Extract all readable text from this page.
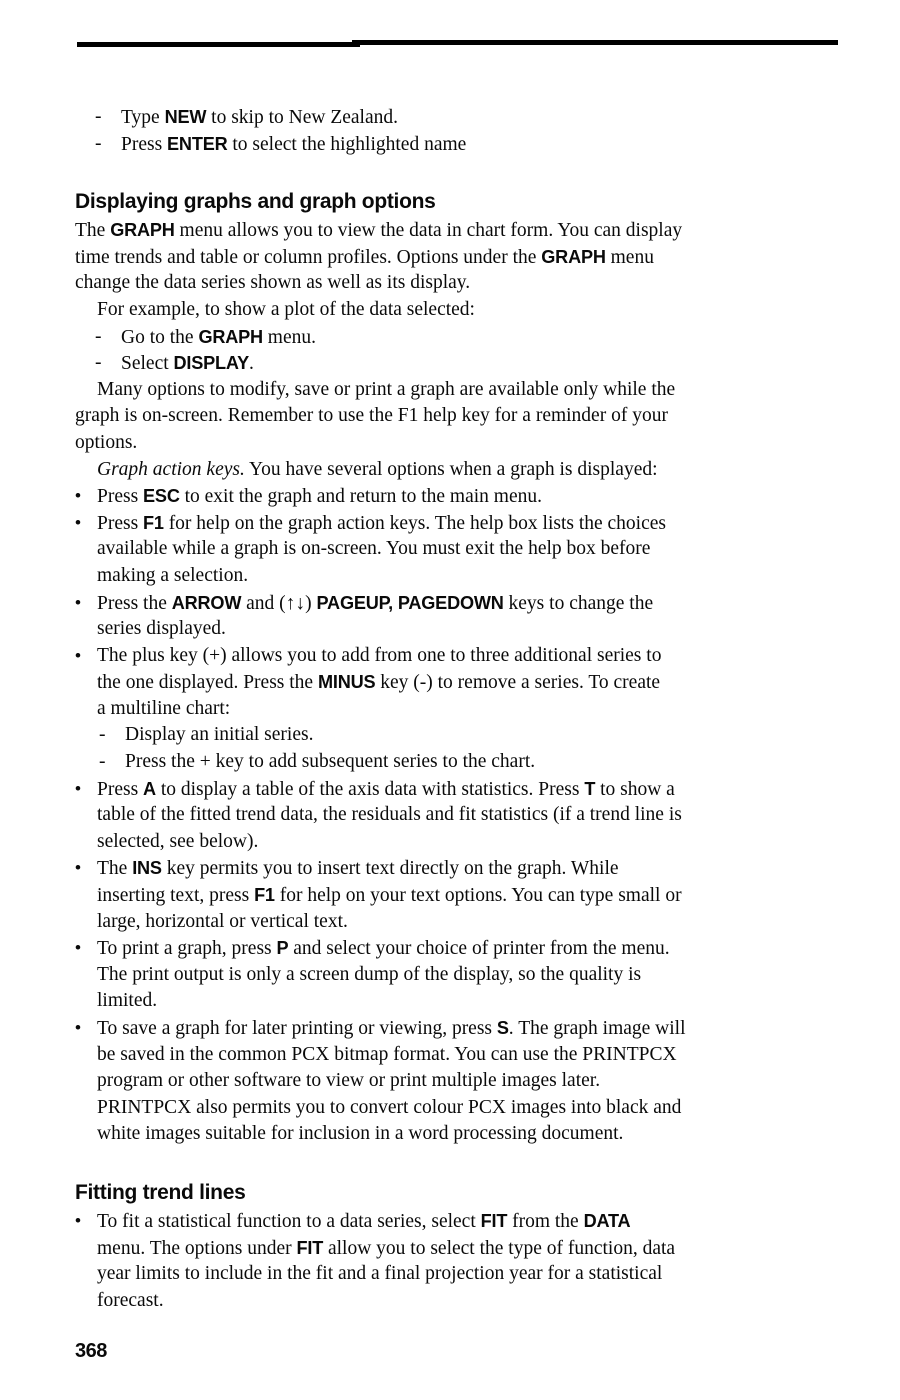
-	Type NEW to skip to New Zealand.
-	Press ENTER to select the highlighted name
Displaying graphs and graph options
The GRAPH menu allows you to view the data in chart form. You can display
time trends and table or column profiles. Options under the GRAPH menu
change the data series shown as well as its display.
For example, to show a plot of the data selected:
-	Go to the GRAPH menu.
-	Select DISPLAY.
Many options to modify, save or print a graph are available only while the
graph is on-screen. Remember to use the F1 help key for a reminder of your
options.
Graph action keys. You have several options when a graph is displayed:
• Press ESC to exit the graph and return to the main menu.
• Press F1 for help on the graph action keys. The help box lists the choices
available while a graph is on-screen. You must exit the help box before
making a selection.
• Press the ARROW and (↑↓) PAGEUP, PAGEDOWN keys to change the
series displayed.
• The plus key (+) allows you to add from one to three additional series to
the one displayed. Press the MINUS key (-) to remove a series. To create
a multiline chart:
-	Display an initial series.
-	Press the + key to add subsequent series to the chart.
• Press A to display a table of the axis data with statistics. Press T to show a
table of the fitted trend data, the residuals and fit statistics (if a trend line is
selected, see below).
• The INS key permits you to insert text directly on the graph. While
inserting text, press F1 for help on your text options. You can type small or
large, horizontal or vertical text.
• To print a graph, press P and select your choice of printer from the menu.
The print output is only a screen dump of the display, so the quality is
limited.
• To save a graph for later printing or viewing, press S. The graph image will
be saved in the common PCX bitmap format. You can use the PRINTPCX
program or other software to view or print multiple images later.
PRINTPCX also permits you to convert colour PCX images into black and
white images suitable for inclusion in a word processing document.
Fitting trend lines
• To fit a statistical function to a data series, select FIT from the DATA
menu. The options under FIT allow you to select the type of function, data
year limits to include in the fit and a final projection year for a statistical
forecast.
368
